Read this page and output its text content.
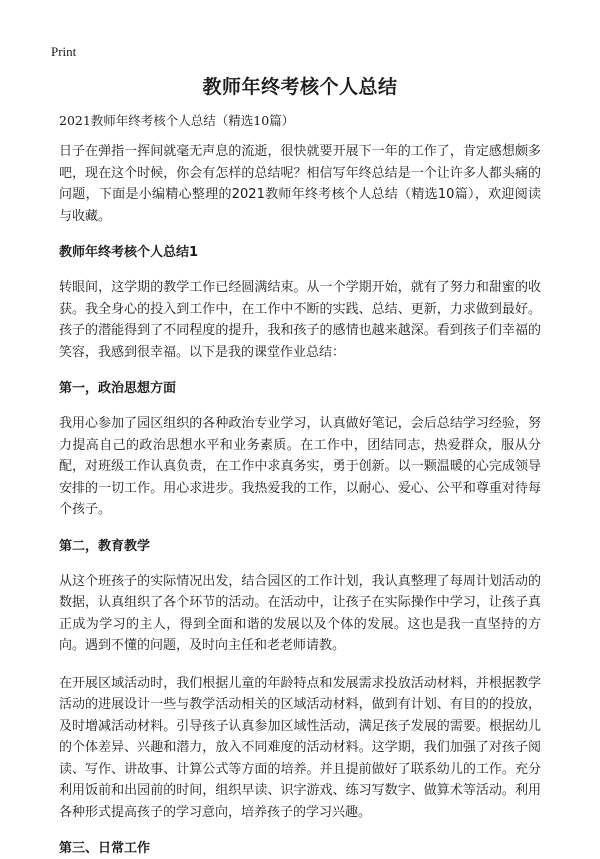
Print
教师年终考核个人总结
2021教师年终考核个人总结（精选10篇）

日子在弹指一挥间就毫无声息的流逝，很快就要开展下一年的工作了，肯定感想颇多吧，现在这个时候，你会有怎样的总结呢？相信写年终总结是一个让许多人都头痛的问题，下面是小编精心整理的2021教师年终考核个人总结（精选10篇），欢迎阅读与收藏。

教师年终考核个人总结1

转眼间，这学期的教学工作已经圆满结束。从一个学期开始，就有了努力和甜蜜的收获。我全身心的投入到工作中，在工作中不断的实践、总结、更新，力求做到最好。孩子的潜能得到了不同程度的提升，我和孩子的感情也越来越深。看到孩子们幸福的笑容，我感到很幸福。以下是我的课堂作业总结：

第一，政治思想方面

我用心参加了园区组织的各种政治专业学习，认真做好笔记，会后总结学习经验，努力提高自己的政治思想水平和业务素质。在工作中，团结同志，热爱群众，服从分配，对班级工作认真负责，在工作中求真务实，勇于创新。以一颗温暖的心完成领导安排的一切工作。用心求进步。我热爱我的工作，以耐心、爱心、公平和尊重对待每个孩子。

第二，教育教学

从这个班孩子的实际情况出发，结合园区的工作计划，我认真整理了每周计划活动的数据，认真组织了各个环节的活动。在活动中，让孩子在实际操作中学习，让孩子真正成为学习的主人，得到全面和谐的发展以及个体的发展。这也是我一直坚持的方向。遇到不懂的问题，及时向主任和老老师请教。

在开展区域活动时，我们根据儿童的年龄特点和发展需求投放活动材料，并根据教学活动的进展设计一些与教学活动相关的区域活动材料，做到有计划、有目的的投放，及时增减活动材料。引导孩子认真参加区域性活动，满足孩子发展的需要。根据幼儿的个体差异、兴趣和潜力，放入不同难度的活动材料。这学期，我们加强了对孩子阅读、写作、讲故事、计算公式等方面的培养。并且提前做好了联系幼儿的工作。充分利用饭前和出园前的时间，组织早读、识字游戏、练习写数字、做算术等活动。利用各种形式提高孩子的学习意向，培养孩子的学习兴趣。

第三、日常工作
